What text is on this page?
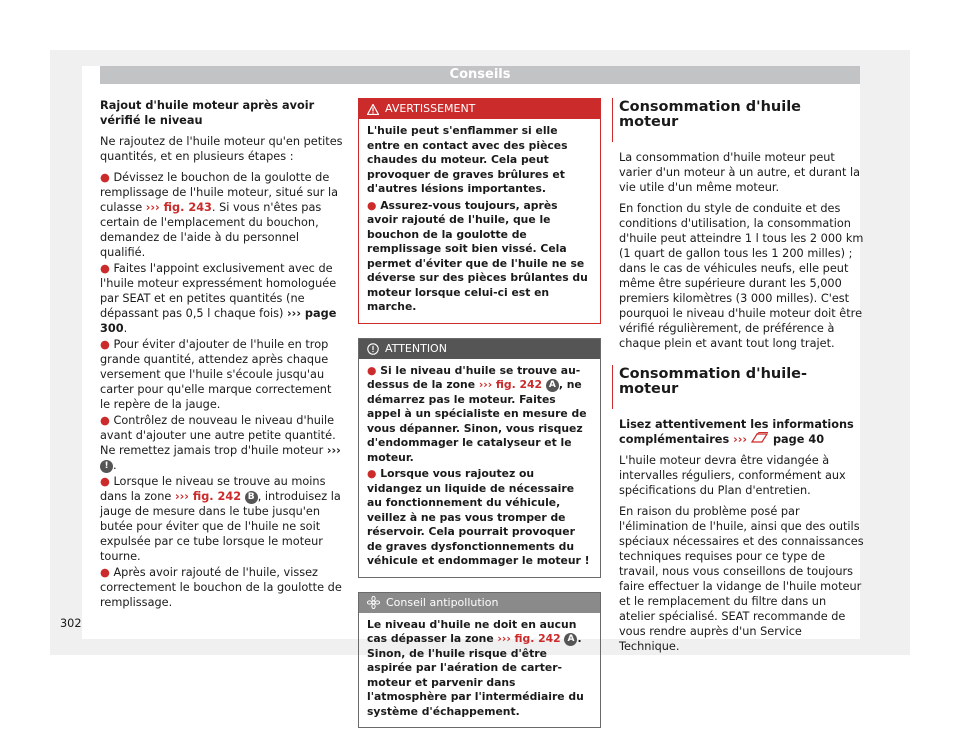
Conseils

Rajout d'huile moteur après avoir vérifié le niveau

Ne rajoutez de l'huile moteur qu'en petites quantités, et en plusieurs étapes :

● Dévissez le bouchon de la goulotte de remplissage de l'huile moteur, situé sur la culasse ››› fig. 243. Si vous n'êtes pas certain de l'emplacement du bouchon, demandez de l'aide à du personnel qualifié.

● Faites l'appoint exclusivement avec de l'huile moteur expressément homologuée par SEAT et en petites quantités (ne dépassant pas 0,5 l chaque fois) ››› page 300.

● Pour éviter d'ajouter de l'huile en trop grande quantité, attendez après chaque versement que l'huile s'écoule jusqu'au carter pour qu'elle marque correctement le repère de la jauge.

● Contrôlez de nouveau le niveau d'huile avant d'ajouter une autre petite quantité. Ne remettez jamais trop d'huile moteur ››› ! .

● Lorsque le niveau se trouve au moins dans la zone ››› fig. 242 B , introduisez la jauge de mesure dans le tube jusqu'en butée pour éviter que de l'huile ne soit expulsée par ce tube lorsque le moteur tourne.

● Après avoir rajouté de l'huile, vissez correctement le bouchon de la goulotte de remplissage.

AVERTISSEMENT

L'huile peut s'enflammer si elle entre en contact avec des pièces chaudes du moteur. Cela peut provoquer de graves brûlures et d'autres lésions importantes.

● Assurez-vous toujours, après avoir rajouté de l'huile, que le bouchon de la goulotte de remplissage soit bien vissé. Cela permet d'éviter que de l'huile ne se déverse sur des pièces brûlantes du moteur lorsque celui-ci est en marche.

ATTENTION

● Si le niveau d'huile se trouve au-dessus de la zone ››› fig. 242 A , ne démarrez pas le moteur. Faites appel à un spécialiste en mesure de vous dépanner. Sinon, vous risquez d'endommager le catalyseur et le moteur.

● Lorsque vous rajoutez ou vidangez un liquide de nécessaire au fonctionnement du véhicule, veillez à ne pas vous tromper de réservoir. Cela pourrait provoquer de graves dysfonctionnements du véhicule et endommager le moteur !

Conseil antipollution

Le niveau d'huile ne doit en aucun cas dépasser la zone ››› fig. 242 A . Sinon, de l'huile risque d'être aspirée par l'aération de carter-moteur et parvenir dans l'atmosphère par l'intermédiaire du système d'échappement.

Consommation d'huile moteur

La consommation d'huile moteur peut varier d'un moteur à un autre, et durant la vie utile d'un même moteur.

En fonction du style de conduite et des conditions d'utilisation, la consommation d'huile peut atteindre 1 l tous les 2 000 km (1 quart de gallon tous les 1 200 milles) ; dans le cas de véhicules neufs, elle peut même être supérieure durant les 5,000 premiers kilomètres (3 000 milles). C'est pourquoi le niveau d'huile moteur doit être vérifié régulièrement, de préférence à chaque plein et avant tout long trajet.

Consommation d'huile-moteur

Lisez attentivement les informations complémentaires ›››
page 40

L'huile moteur devra être vidangée à intervalles réguliers, conformément aux spécifications du Plan d'entretien.

En raison du problème posé par l'élimination de l'huile, ainsi que des outils spéciaux nécessaires et des connaissances techniques requises pour ce type de travail, nous vous conseillons de toujours faire effectuer la vidange de l'huile moteur et le remplacement du filtre dans un atelier spécialisé. SEAT recommande de vous rendre auprès d'un Service Technique.

302
